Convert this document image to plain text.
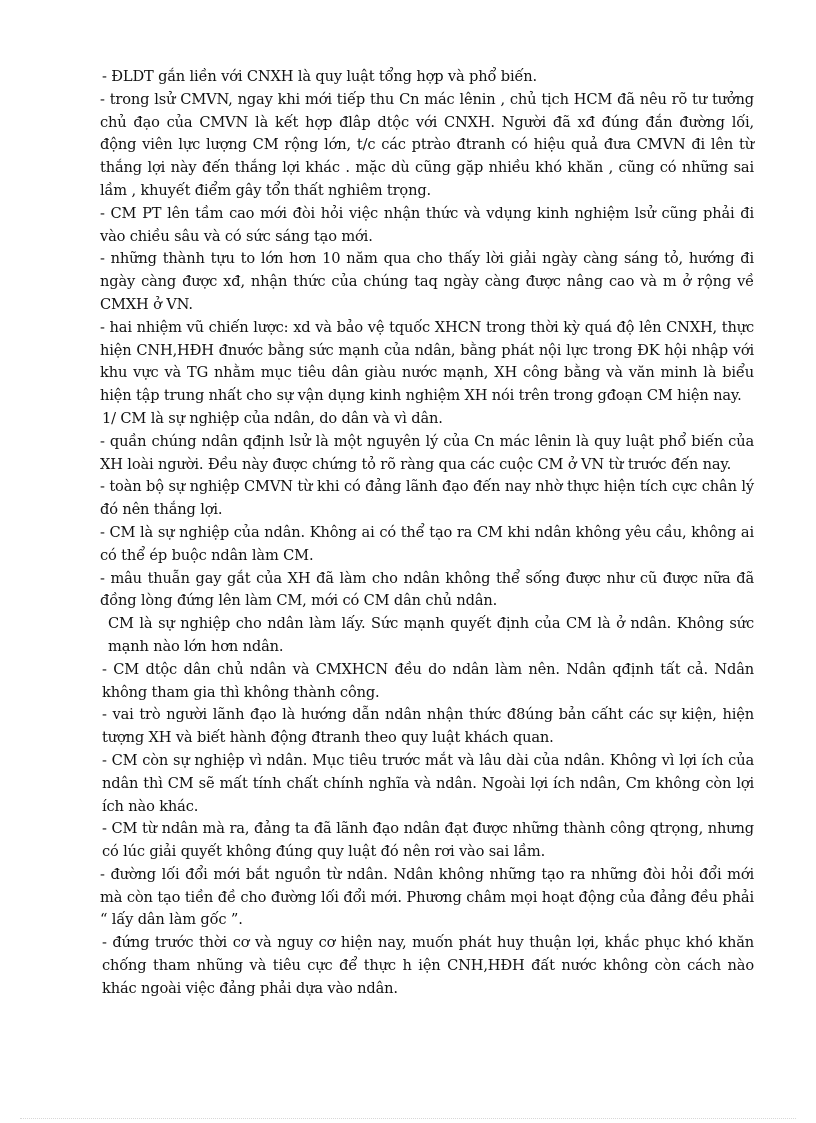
- ĐLDT gắn liền với CNXH là quy luật tổng hợp và phổ biến.

- trong lsử CMVN, ngay khi mới tiếp thu Cn mác lênin , chủ tịch HCM đã nêu rõ tư tưởng chủ đạo của CMVN là kết hợp đlâp dtộc với CNXH. Người đã xđ đúng đắn đường lối, động viên lực lượng CM rộng lớn, t/c các ptrào đtranh có hiệu quả đưa CMVN đi lên từ thắng lợi này đến thắng lợi khác . mặc dù cũng gặp nhiều khó khăn , cũng có những sai lầm , khuyết điểm gây tổn thất nghiêm trọng.

- CM PT lên tầm cao mới đòi hỏi việc nhận thức và vdụng kinh nghiệm lsử cũng phải đi vào chiều sâu và có sức sáng tạo mới.

- những thành tựu to lớn hơn 10 năm qua cho thấy lời giải ngày càng sáng tỏ, hướng đi ngày càng được xđ, nhận thức của chúng taq ngày càng được nâng cao và m ở rộng về CMXH ở VN.

- hai nhiệm vũ chiến lược: xd và bảo vệ tquốc XHCN trong thời kỳ quá độ lên CNXH, thực hiện CNH,HĐH đnước bằng sức mạnh của ndân, bằng phát nội lực trong ĐK hội nhập với khu vực và TG nhằm mục tiêu dân giàu nước mạnh, XH công bằng và văn minh là biểu hiện tập trung nhất cho sự vận dụng kinh nghiệm XH nói trên trong gđoạn CM hiện nay.

1/ CM là sự nghiệp của ndân, do dân và vì dân.

- quần chúng ndân qđịnh lsử là một nguyên lý của Cn mác lênin là quy luật phổ biến của XH loài người. Đều này được chứng tỏ rõ ràng qua các cuộc CM ở VN từ trước đến nay.

- toàn bộ sự nghiệp CMVN từ khi có đảng lãnh đạo đến nay nhờ thực hiện tích cực chân lý đó nên thắng lợi.

- CM là sự nghiệp của ndân. Không ai có thể tạo ra CM khi ndân không yêu cầu, không ai có thể ép buộc ndân làm CM.

- mâu thuẫn gay gắt của XH đã làm cho ndân không thể sống được như cũ được nữa đã đồng lòng đứng lên làm CM, mới có CM dân chủ ndân.

CM là sự nghiệp cho ndân làm lấy. Sức mạnh quyết định của CM là ở ndân. Không sức mạnh nào lớn hơn ndân.

- CM dtộc dân chủ ndân và CMXHCN đều do ndân làm nên. Ndân qđịnh tất cả. Ndân không tham gia thì không thành công.

- vai trò người lãnh đạo là hướng dẫn ndân nhận thức đ8úng bản cấht các sự kiện, hiện tượng XH và biết hành động đtranh theo quy luật khách quan.

- CM còn sự nghiệp vì ndân. Mục tiêu trước mắt và lâu dài của ndân. Không vì lợi ích của ndân thì CM sẽ mất tính chất chính nghĩa và ndân. Ngoài lợi ích ndân, Cm không còn lợi ích nào khác.

- CM từ ndân mà ra, đảng ta đã lãnh đạo ndân đạt được những thành công qtrọng, nhưng có lúc giải quyết không đúng quy luật đó nên rơi vào sai lầm.

- đường lối đổi mới bắt nguồn từ ndân. Ndân không những tạo ra những đòi hỏi đổi mới mà còn tạo tiền đề cho đường lối đổi mới. Phương châm mọi hoạt động của đảng đều phải “ lấy dân làm gốc ”.

- đứng trước thời cơ và nguy cơ hiện nay, muốn phát huy thuận lợi, khắc phục khó khăn chống tham nhũng và tiêu cực để thực h iện CNH,HĐH đất nước không còn cách nào khác ngoài việc đảng phải dựa vào ndân.
